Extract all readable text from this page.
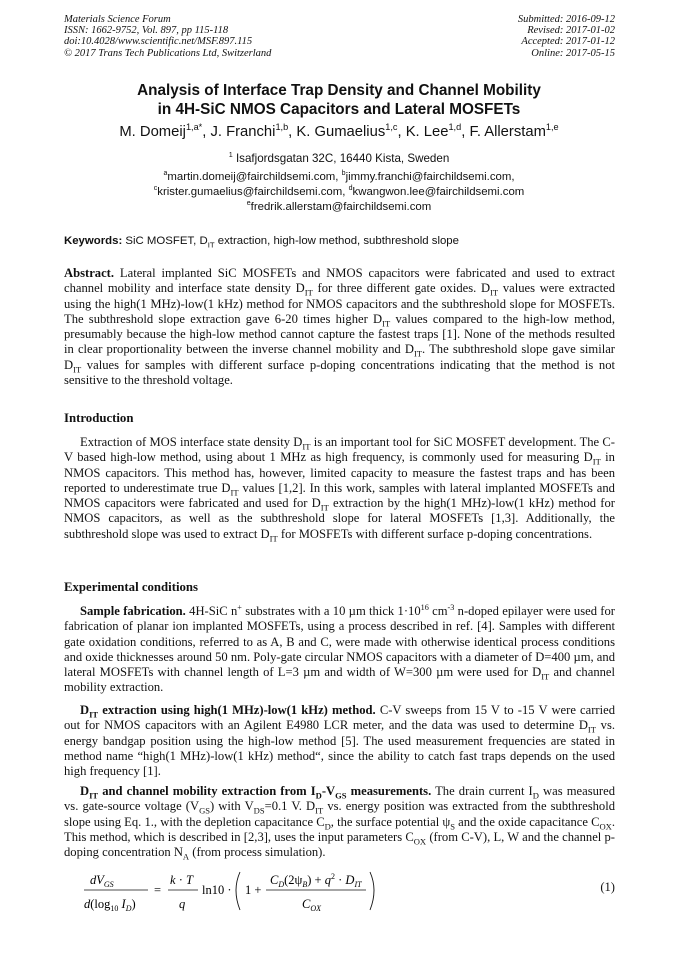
Materials Science Forum
ISSN: 1662-9752, Vol. 897, pp 115-118
doi:10.4028/www.scientific.net/MSF.897.115
© 2017 Trans Tech Publications Ltd, Switzerland
Submitted: 2016-09-12
Revised: 2017-01-02
Accepted: 2017-01-12
Online: 2017-05-15
Analysis of Interface Trap Density and Channel Mobility
in 4H-SiC NMOS Capacitors and Lateral MOSFETs
M. Domeij$^{1,a*}$, J. Franchi$^{1,b}$, K. Gumaelius$^{1,c}$, K. Lee$^{1,d}$, F. Allerstam$^{1,e}$
$^1$ Isafjordsgatan 32C, 16440 Kista, Sweden
$^a$martin.domeij@fairchildsemi.com, $^b$jimmy.franchi@fairchildsemi.com,
$^c$krister.gumaelius@fairchildsemi.com, $^d$kwangwon.lee@fairchildsemi.com
$^e$fredrik.allerstam@fairchildsemi.com
Keywords: SiC MOSFET, $D_{IT}$ extraction, high-low method, subthreshold slope

Abstract. Lateral implanted SiC MOSFETs and NMOS capacitors were fabricated and used to extract channel mobility and interface state density $D_{IT}$ for three different gate oxides. $D_{IT}$ values were extracted using the high(1 MHz)-low(1 kHz) method for NMOS capacitors and the subthreshold slope for MOSFETs. The subthreshold slope extraction gave 6-20 times higher $D_{IT}$ values compared to the high-low method, presumably because the high-low method cannot capture the fastest traps [1]. None of the methods resulted in clear proportionality between the inverse channel mobility and $D_{IT}$. The subthreshold slope gave similar $D_{IT}$ values for samples with different surface p-doping concentrations indicating that the method is not sensitive to the threshold voltage.

Introduction

Extraction of MOS interface state density $D_{IT}$ is an important tool for SiC MOSFET development. The C-V based high-low method, using about 1 MHz as high frequency, is commonly used for measuring $D_{IT}$ in NMOS capacitors. This method has, however, limited capacity to measure the fastest traps and has been reported to underestimate true $D_{IT}$ values [1,2]. In this work, samples with lateral implanted MOSFETs and NMOS capacitors were fabricated and used for $D_{IT}$ extraction by the high(1 MHz)-low(1 kHz) method for NMOS capacitors, as well as the subthreshold slope for lateral MOSFETs [1,3]. Additionally, the subthreshold slope was used to extract $D_{IT}$ for MOSFETs with different surface p-doping concentrations.

Experimental conditions

Sample fabrication. 4H-SiC n+ substrates with a 10 µm thick $1\cdot 10^{16}$ $cm^{-3}$ n-doped epilayer were used for fabrication of planar ion implanted MOSFETs, using a process described in ref. [4]. Samples with different gate oxidation conditions, referred to as A, B and C, were made with otherwise identical process conditions and oxide thicknesses around 50 nm. Poly-gate circular NMOS capacitors with a diameter of D=400 µm, and lateral MOSFETs with channel length of L=3 µm and width of W=300 µm were used for $D_{IT}$ and channel mobility extraction.

$D_{IT}$ extraction using high(1 MHz)-low(1 kHz) method. C-V sweeps from 15 V to -15 V were carried out for NMOS capacitors with an Agilent E4980 LCR meter, and the data was used to determine $D_{IT}$ vs. energy bandgap position using the high-low method [5]. The used measurement frequencies are stated in method name “high(1 MHz)-low(1 kHz) method“, since the ability to catch fast traps depends on the used high frequency [1].

$D_{IT}$ and channel mobility extraction from $I_D-V_{GS}$ measurements. The drain current $I_D$ was measured vs. gate-source voltage $(V_{GS})$ with $V_{DS}=0.1$ V. $D_{IT}$ vs. energy position was extracted from the subthreshold slope using Eq. 1., with the depletion capacitance $C_D$, the surface potential $\psi_S$ and the oxide capacitance $C_{OX}$. This method, which is described in [2,3], uses the input parameters $C_{OX}$ (from C-V), L, W and the channel p-doping concentration $N_A$ (from process simulation).

$dV_{GS}$
$d(\log_{10}$ $I_D$)
=
k · T
q
ln10 · 1 +
$C_D(2\psi_B) + q^2 \cdot D_{IT}$
$C_{OX}$
(1)
